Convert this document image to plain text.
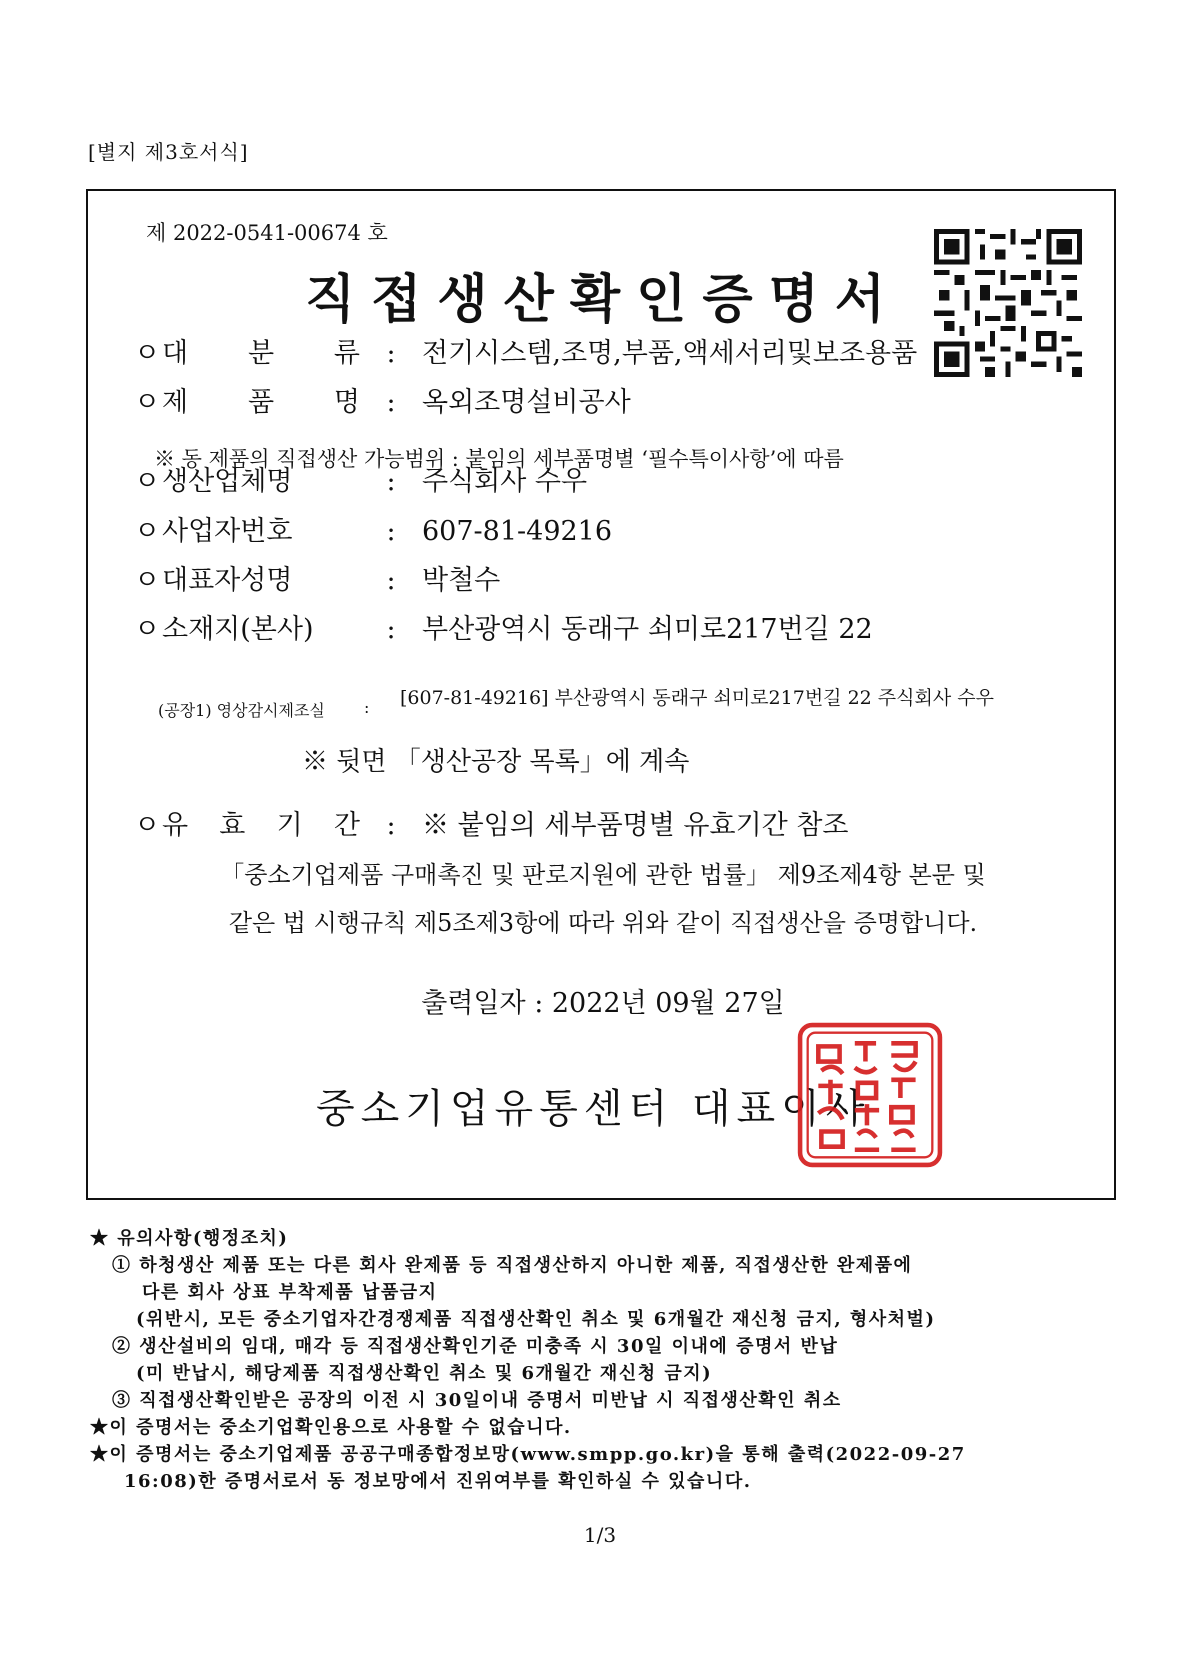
[별지 제3호서식]
제 2022-0541-00674 호
직접생산확인증명서
ㅇ대 분 류 : 전기시스템,조명,부품,액세서리및보조용품
ㅇ제 품 명 : 옥외조명설비공사
※ 동 제품의 직접생산 가능범위 : 붙임의 세부품명별 ‘필수특이사항’에 따름
ㅇ생산업체명	: 주식회사 수우
ㅇ사업자번호	: 607-81-49216
ㅇ대표자성명	: 박철수
ㅇ소재지(본사)	: 부산광역시 동래구 쇠미로217번길 22
(공장1) 영상감시제조실 : [607-81-49216] 부산광역시 동래구 쇠미로217번길 22 주식회사 수우
※ 뒷면 「생산공장 목록」에 계속
ㅇ유 효 기 간 : ※ 붙임의 세부품명별 유효기간 참조
「중소기업제품 구매촉진 및 판로지원에 관한 법률」 제9조제4항 본문 및
같은 법 시행규칙 제5조제3항에 따라 위와 같이 직접생산을 증명합니다.
출력일자 : 2022년 09월 27일
중소기업유통센터 대표이사
★ 유의사항(행정조치)
① 하청생산 제품 또는 다른 회사 완제품 등 직접생산하지 아니한 제품, 직접생산한 완제품에
다른 회사 상표 부착제품 납품금지
(위반시, 모든 중소기업자간경쟁제품 직접생산확인 취소 및 6개월간 재신청 금지, 형사처벌)
② 생산설비의 임대, 매각 등 직접생산확인기준 미충족 시 30일 이내에 증명서 반납
(미 반납시, 해당제품 직접생산확인 취소 및 6개월간 재신청 금지)
③ 직접생산확인받은 공장의 이전 시 30일이내 증명서 미반납 시 직접생산확인 취소
★이 증명서는 중소기업확인용으로 사용할 수 없습니다.
★이 증명서는 중소기업제품 공공구매종합정보망(www.smpp.go.kr)을 통해 출력(2022-09-27
16:08)한 증명서로서 동 정보망에서 진위여부를 확인하실 수 있습니다.
1/3
